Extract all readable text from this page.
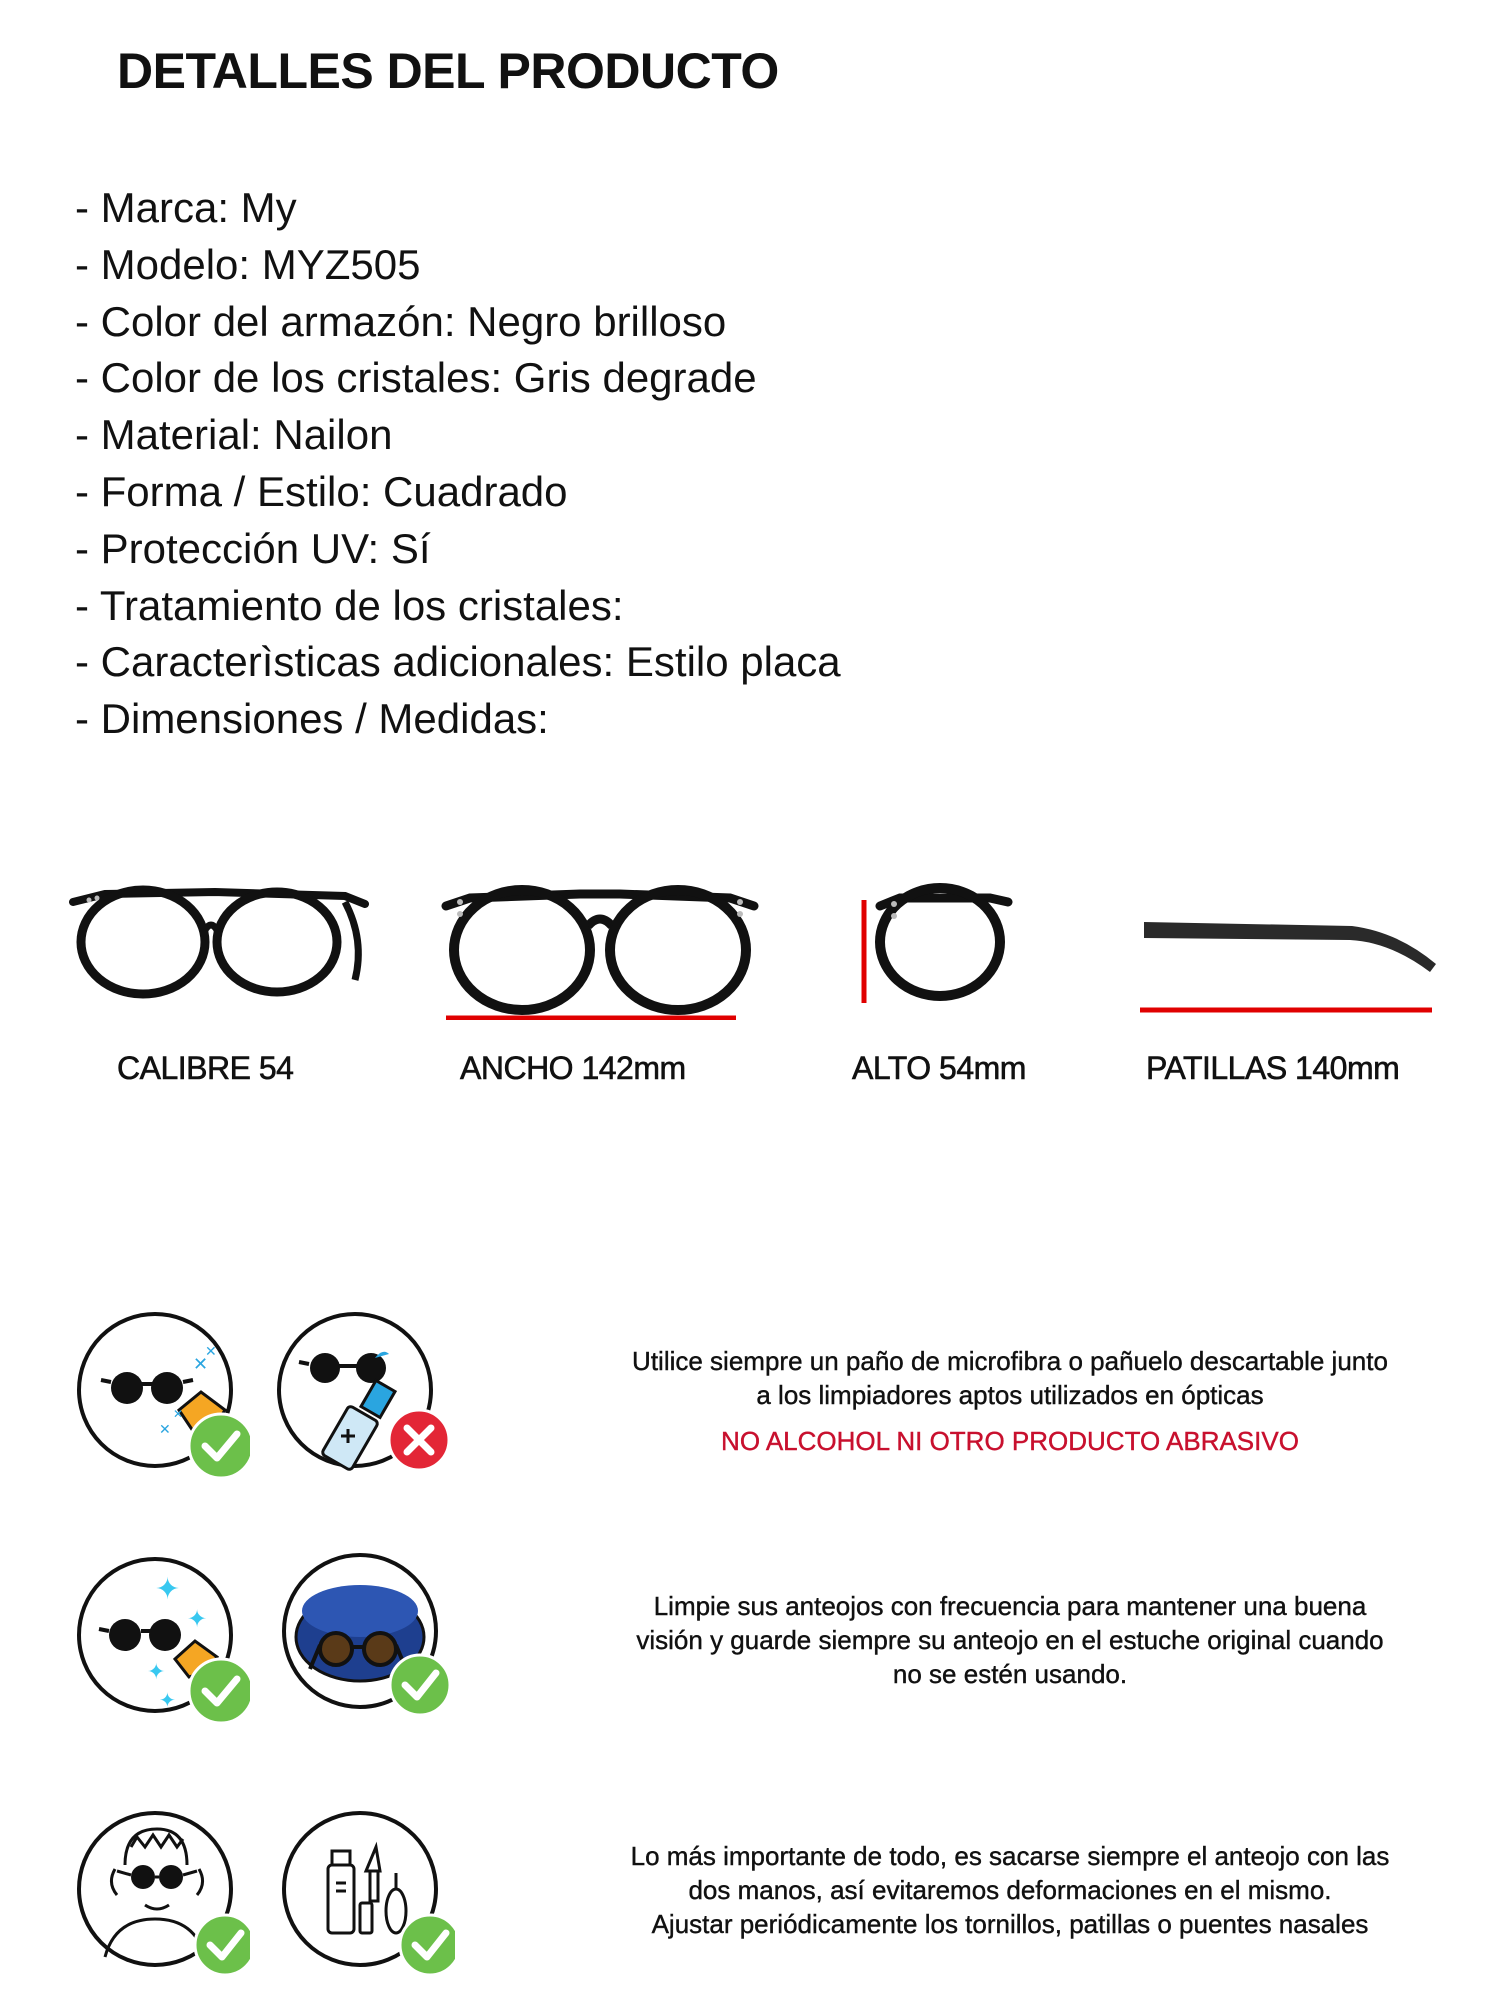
DETALLES DEL PRODUCTO
- Marca: My
- Modelo: MYZ505
- Color del armazón: Negro brilloso
- Color de los cristales: Gris degrade
- Material: Nailon
- Forma / Estilo: Cuadrado
- Protección UV: Sí
- Tratamiento de los cristales:
- Caracterìsticas adicionales: Estilo placa
- Dimensiones / Medidas:
CALIBRE 54	ANCHO 142mm	ALTO 54mm	PATILLAS 140mm
✕
✕
✕
✕
Utilice siempre un paño de microfibra o pañuelo descartable junto
a los limpiadores aptos utilizados en ópticas
NO ALCOHOL NI OTRO PRODUCTO ABRASIVO
✦
✦
✦
✦
Limpie sus anteojos con frecuencia para mantener una buena
visión y guarde siempre su anteojo en el estuche original cuando
no se estén usando.
Lo más importante de todo, es sacarse siempre el anteojo con las
dos manos, así evitaremos deformaciones en el mismo.
Ajustar periódicamente los tornillos, patillas o puentes nasales
